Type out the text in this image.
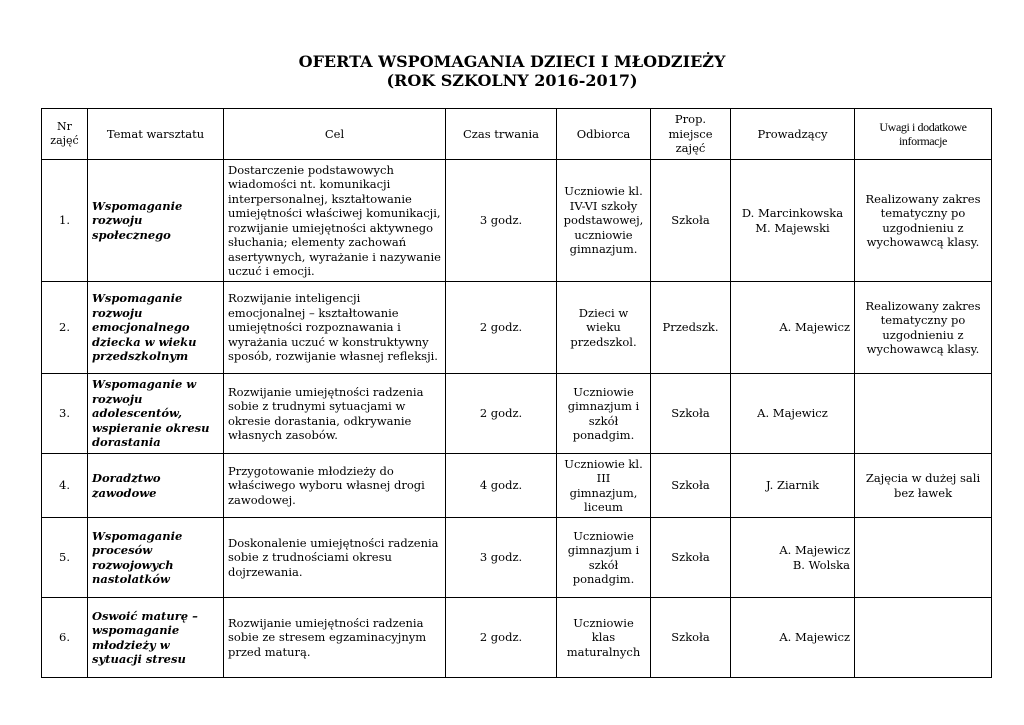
OFERTA WSPOMAGANIA DZIECI I MŁODZIEŻY
(ROK SZKOLNY 2016-2017)
Nr zajęć	Temat warsztatu	Cel	Czas trwania	Odbiorca	Prop. miejsce zajęć	Prowadzący	Uwagi i dodatkowe informacje
1.	Wspomaganie rozwoju społecznego	Dostarczenie podstawowych wiadomości nt. komunikacji interpersonalnej, kształtowanie umiejętności właściwej komunikacji, rozwijanie umiejętności aktywnego słuchania; elementy zachowań asertywnych, wyrażanie i nazywanie uczuć i emocji.	3 godz.	Uczniowie kl. IV-VI szkoły podstawowej, uczniowie gimnazjum.	Szkoła	D. Marcinkowska
M. Majewski	Realizowany zakres tematyczny po uzgodnieniu z wychowawcą klasy.
2.	Wspomaganie rozwoju emocjonalnego dziecka w wieku przedszkolnym	Rozwijanie inteligencji emocjonalnej – kształtowanie umiejętności rozpoznawania i wyrażania uczuć w konstruktywny sposób, rozwijanie własnej refleksji.	2 godz.	Dzieci w wieku przedszkol.	Przedszk.	A. Majewicz	Realizowany zakres tematyczny po uzgodnieniu z wychowawcą klasy.
3.	Wspomaganie w rozwoju adolescentów, wspieranie okresu dorastania	Rozwijanie umiejętności radzenia sobie z trudnymi sytuacjami w okresie dorastania, odkrywanie własnych zasobów.	2 godz.	Uczniowie gimnazjum i szkół ponadgim.	Szkoła	A. Majewicz	
4.	Doradztwo zawodowe	Przygotowanie młodzieży do właściwego wyboru własnej drogi zawodowej.	4 godz.	Uczniowie kl. III gimnazjum, liceum	Szkoła	J. Ziarnik	Zajęcia w dużej sali bez ławek
5.	Wspomaganie procesów rozwojowych nastolatków	Doskonalenie umiejętności radzenia sobie z trudnościami okresu dojrzewania.	3 godz.	Uczniowie gimnazjum i szkół ponadgim.	Szkoła	A. Majewicz
B. Wolska	
6.	Oswoić maturę – wspomaganie młodzieży w sytuacji stresu	Rozwijanie umiejętności radzenia sobie ze stresem egzaminacyjnym przed maturą.	2 godz.	Uczniowie klas maturalnych	Szkoła	A. Majewicz	
